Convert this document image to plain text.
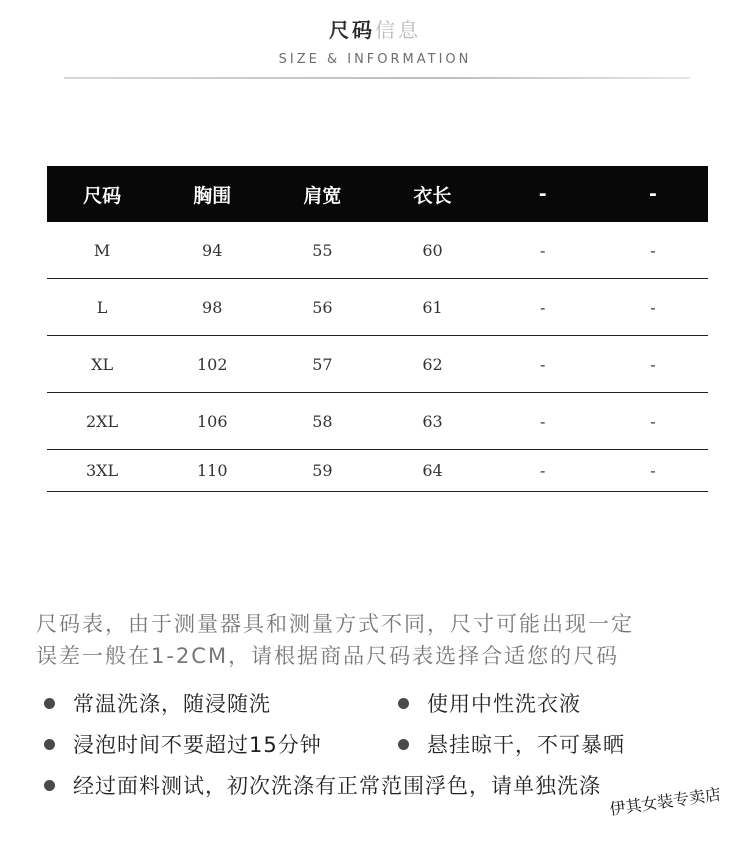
尺码信息
SIZE & INFORMATION
尺码	胸围	肩宽	衣长	-	-
M	94	55	60	-	-
L	98	56	61	-	-
XL	102	57	62	-	-
2XL	106	58	63	-	-
3XL	110	59	64	-	-
尺码表，由于测量器具和测量方式不同，尺寸可能出现一定
误差一般在1-2CM，请根据商品尺码表选择合适您的尺码
常温洗涤，随浸随洗	使用中性洗衣液
浸泡时间不要超过15分钟	悬挂晾干，不可暴晒
经过面料测试，初次洗涤有正常范围浮色，请单独洗涤 伊其女装专卖店
